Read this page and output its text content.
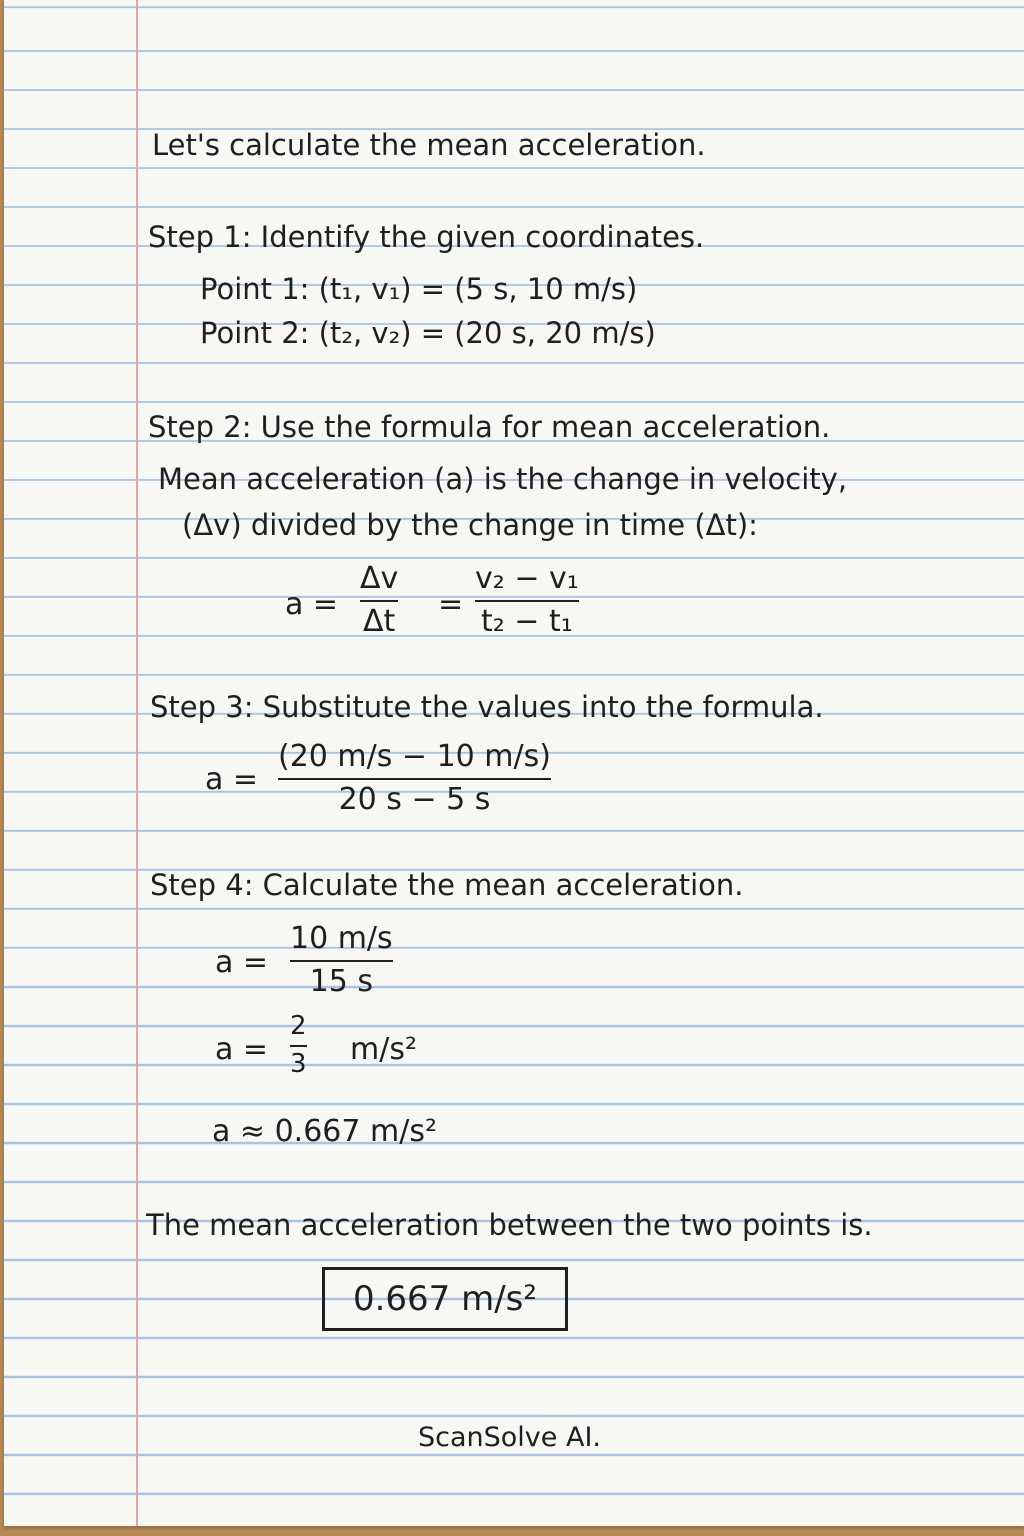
Let's calculate the mean acceleration.
Step 1: Identify the given coordinates.
Point 1: (t₁, v₁) = (5 s, 10 m/s)
Point 2: (t₂, v₂) = (20 s, 20 m/s)
Step 2: Use the formula for mean acceleration.
Mean acceleration (a) is the change in velocity,
(Δv) divided by the change in time (Δt):
a =
Δv
Δt =
v₂ − v₁
t₂ − t₁
Step 3: Substitute the values into the formula.
a =
(20 m/s − 10 m/s)
20 s − 5 s
Step 4: Calculate the mean acceleration.
a =
10 m/s
15 s
a =
2
3 m/s²
a ≈ 0.667 m/s²
The mean acceleration between the two points is.
0.667 m/s²
ScanSolve AI.
